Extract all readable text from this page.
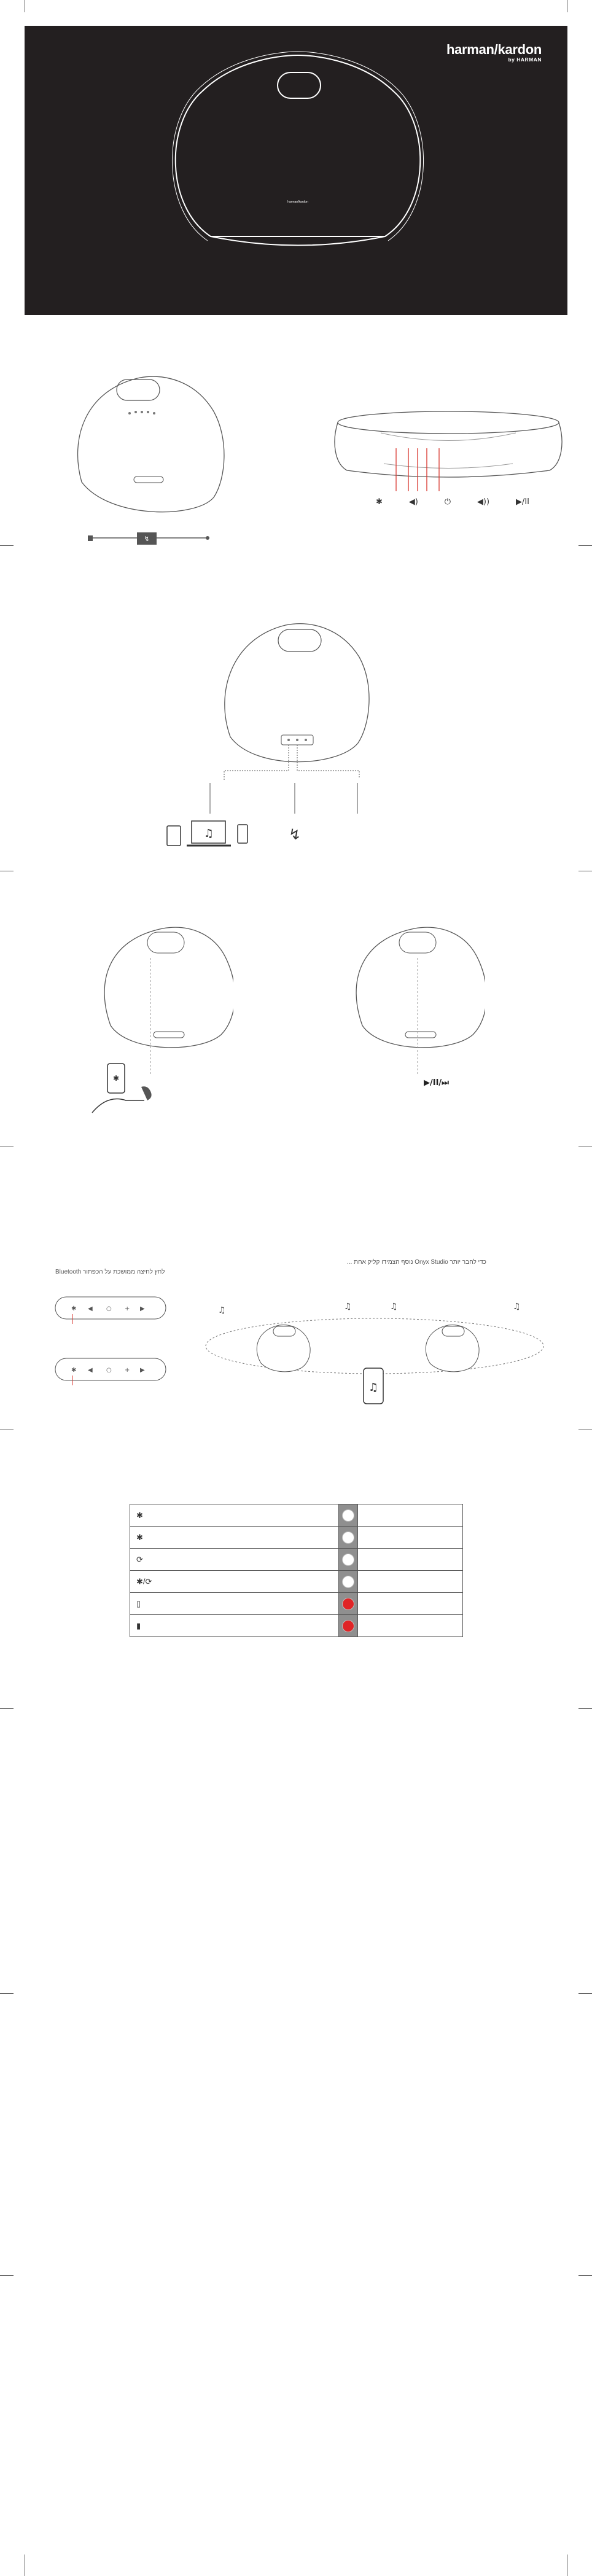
harman/kardon
by HARMAN
harman/kardon
↯
✱	◀)	⏻	◀))	▶/II
♫	↯
✱	▶/II/⏭
כדי לחבר יותר Onyx Studio נוסף הצמידו קליק אחת ...
לחץ לחיצה ממושכת על הכפתור Bluetooth
✱ ◀ ○ + ▶
✱ ◀ ○ + ▶
♫
♫	♫	♫	♫
✱		
✱		
⟳		
✱/⟳		
▯		
▮		
